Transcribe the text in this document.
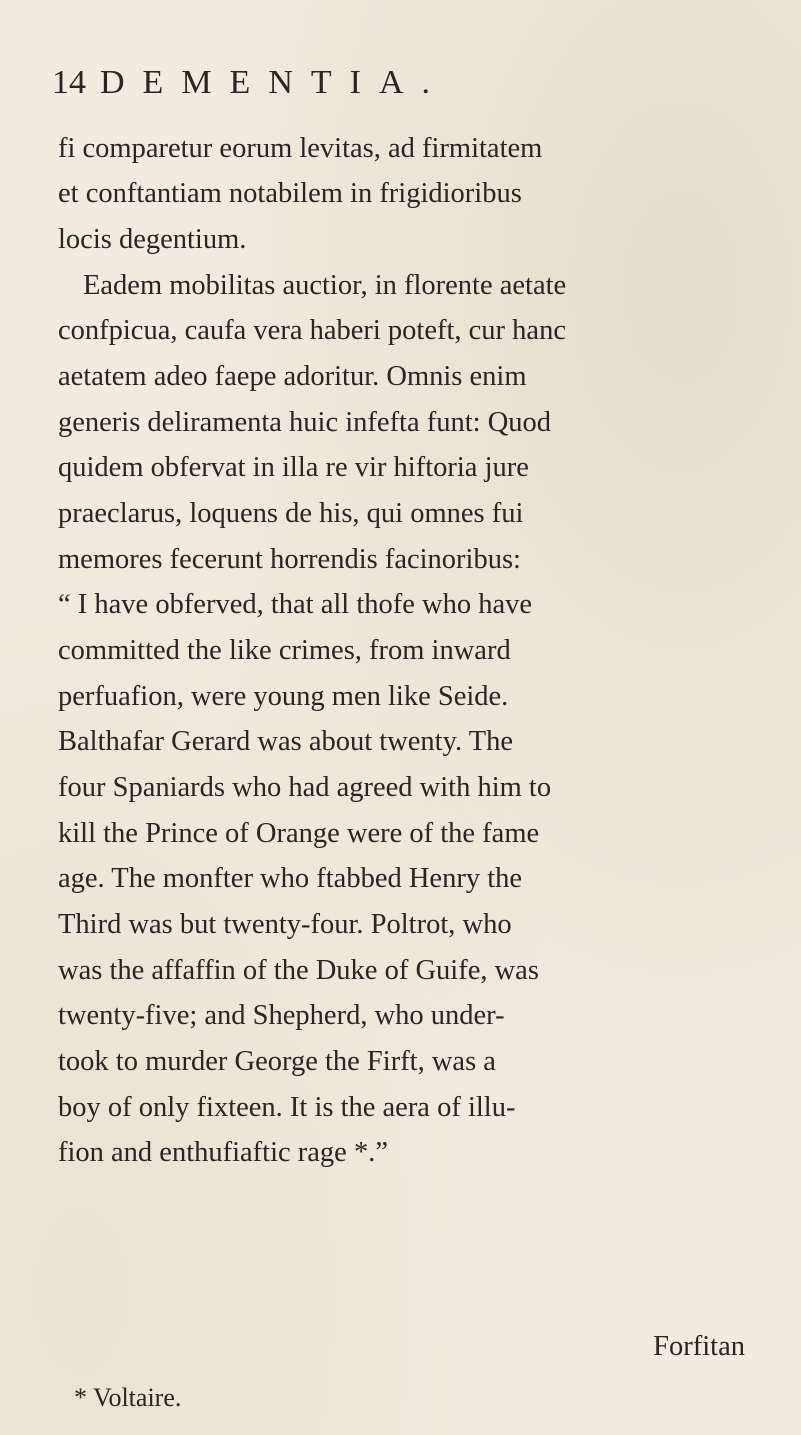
14 DEMENTIA.
fi comparetur eorum levitas, ad firmitatem
et conftantiam notabilem in frigidioribus
locis degentium.
Eadem mobilitas auctior, in florente aetate
confpicua, caufa vera haberi poteft, cur hanc
aetatem adeo faepe adoritur. Omnis enim
generis deliramenta huic infefta funt: Quod
quidem obfervat in illa re vir hiftoria jure
praeclarus, loquens de his, qui omnes fui
memores fecerunt horrendis facinoribus:
“ I have obferved, that all thofe who have
committed the like crimes, from inward
perfuafion, were young men like Seide.
Balthafar Gerard was about twenty. The
four Spaniards who had agreed with him to
kill the Prince of Orange were of the fame
age. The monfter who ftabbed Henry the
Third was but twenty-four. Poltrot, who
was the affaffin of the Duke of Guife, was
twenty-five; and Shepherd, who under-
took to murder George the Firft, was a
boy of only fixteen. It is the aera of illu-
fion and enthufiaftic rage *.”
Forfitan
* Voltaire.
